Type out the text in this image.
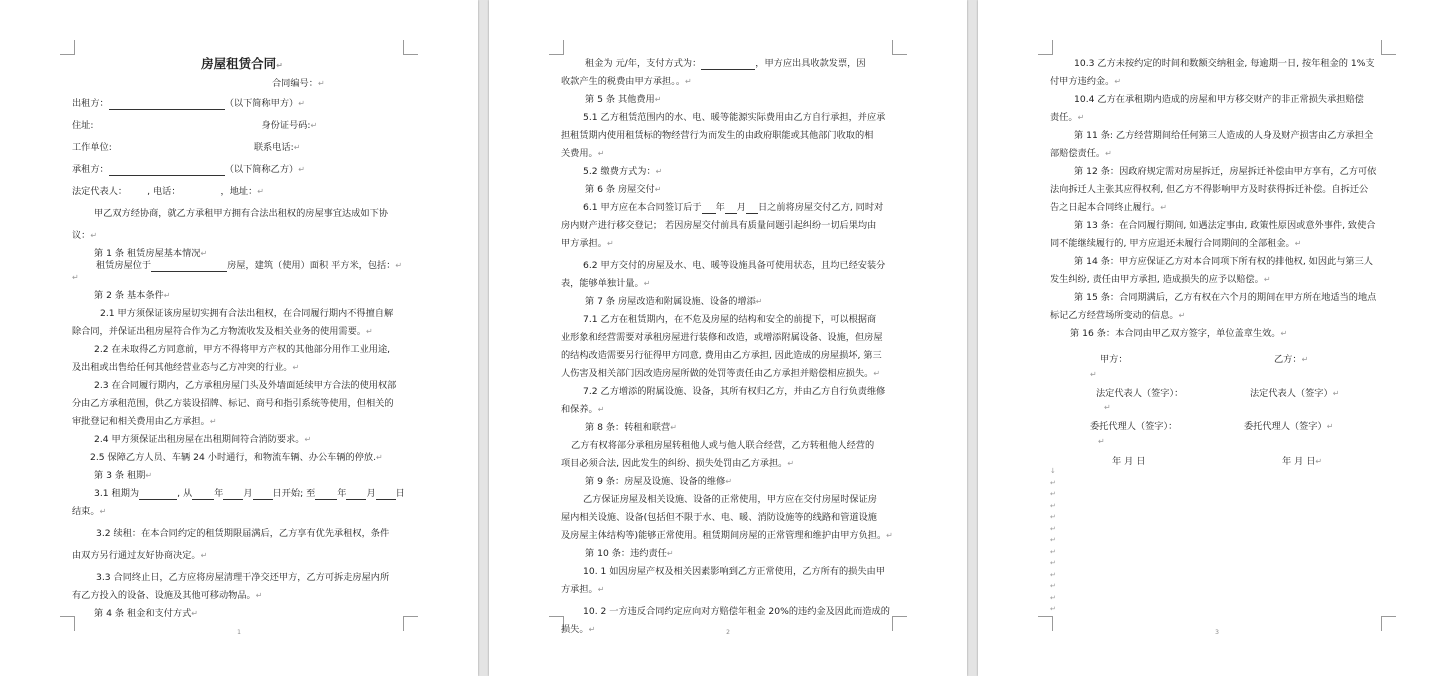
房屋租赁合同↵
合同编号：↵
出租方：	（以下简称甲方）↵
住址:	身份证号码:↵
工作单位:	联系电话:↵
承租方：	（以下简称乙方）↵
法定代表人： , 电话：	，地址：↵
甲乙双方经协商，就乙方承租甲方拥有合法出租权的房屋事宜达成如下协
议：↵
第 1 条 租赁房屋基本情况↵
租赁房屋位于	房屋，建筑（使用）面积 平方米，包括：↵
↵
第 2 条 基本条件↵
2.1 甲方须保证该房屋切实拥有合法出租权，在合同履行期内不得擅自解
除合同，并保证出租房屋符合作为乙方物流收发及相关业务的使用需要。↵
2.2 在未取得乙方同意前，甲方不得将甲方产权的其他部分用作工业用途,
及出租或出售给任何其他经营业态与乙方冲突的行业。↵
2.3 在合同履行期内，乙方承租房屋门头及外墙面延续甲方合法的使用权部
分由乙方承租范围，供乙方装设招牌、标记、商号和指引系统等使用，但相关的
审批登记和相关费用由乙方承担。↵
2.4 甲方须保证出租房屋在出租期间符合消防要求。↵
2.5 保障乙方人员、车辆 24 小时通行，和物流车辆、办公车辆的停放.↵
第 3 条 租期↵
3.1 租期为	, 从 年 月 日开始; 至 年 月 日
结束。↵
3.2 续租：在本合同约定的租赁期限届满后，乙方享有优先承租权，条件
由双方另行通过友好协商决定。↵
3.3 合同终止日，乙方应将房屋清理干净交还甲方，乙方可拆走房屋内所
有乙方投入的设备、设施及其他可移动物品。↵
第 4 条 租金和支付方式↵
1
租金为 元/年，支付方式为：	，甲方应出具收款发票，因
收款产生的税费由甲方承担。。↵
第 5 条 其他费用↵
5.1 乙方租赁范围内的水、电、暖等能源实际费用由乙方自行承担，并应承
担租赁期内使用租赁标的物经营行为而发生的由政府职能或其他部门收取的相
关费用。↵
5.2 缴费方式为：↵
第 6 条 房屋交付↵
6.1 甲方应在本合同签订后于 年 月 日之前将房屋交付乙方, 同时对
房内财产进行移交登记； 若因房屋交付前具有质量问题引起纠纷一切后果均由
甲方承担。↵
6.2 甲方交付的房屋及水、电、暖等设施具备可使用状态，且均已经安装分
表，能够单独计量。↵
第 7 条 房屋改造和附属设施、设备的增添↵
7.1 乙方在租赁期内，在不危及房屋的结构和安全的前提下，可以根据商
业形象和经营需要对承租房屋进行装修和改造，或增添附属设备、设施，但房屋
的结构改造需要另行征得甲方同意, 费用由乙方承担, 因此造成的房屋损坏, 第三
人伤害及相关部门因改造房屋所做的处罚等责任由乙方承担并赔偿相应损失。↵
7.2 乙方增添的附属设施、设备，其所有权归乙方，并由乙方自行负责维修
和保养。↵
第 8 条：转租和联营↵
乙方有权将部分承租房屋转租他人或与他人联合经营，乙方转租他人经营的
项目必须合法, 因此发生的纠纷、损失处罚由乙方承担。↵
第 9 条：房屋及设施、设备的维修↵
乙方保证房屋及相关设施、设备的正常使用，甲方应在交付房屋时保证房
屋内相关设施、设备(包括但不限于水、电、暖、消防设施等的线路和管道设施
及房屋主体结构等)能够正常使用。租赁期间房屋的正常管理和维护由甲方负担。↵
第 10 条：违约责任↵
10. 1 如因房屋产权及相关因素影响到乙方正常使用，乙方所有的损失由甲
方承担。↵
10. 2 一方违反合同约定应向对方赔偿年租金 20%的违约金及因此而造成的
损失。↵	2
10.3 乙方未按约定的时间和数额交纳租金, 每逾期一日, 按年租金的 1%支
付甲方违约金。↵
10.4 乙方在承租期内造成的房屋和甲方移交财产的非正常损失承担赔偿
责任。↵
第 11 条: 乙方经营期间给任何第三人造成的人身及财产损害由乙方承担全
部赔偿责任。↵
第 12 条：因政府规定需对房屋拆迁，房屋拆迁补偿由甲方享有，乙方可依
法向拆迁人主张其应得权利, 但乙方不得影响甲方及时获得拆迁补偿。自拆迁公
告之日起本合同终止履行。↵
第 13 条：在合同履行期间, 如遇法定事由, 政策性原因或意外事件, 致使合
同不能继续履行的, 甲方应退还未履行合同期间的全部租金。↵
第 14 条：甲方应保证乙方对本合同项下所有权的排他权, 如因此与第三人
发生纠纷, 责任由甲方承担, 造成损失的应予以赔偿。↵
第 15 条：合同期满后，乙方有权在六个月的期间在甲方所在地适当的地点
标记乙方经营场所变动的信息。↵
第 16 条：本合同由甲乙双方签字，单位盖章生效。↵
甲方：	乙方：↵
↵
法定代表人（签字）：	法定代表人（签字）↵
↵
委托代理人（签字）：	委托代理人（签字）↵
↵
年 月 日	年 月 日↵
↓
↵
↵
↵
↵
↵
↵
↵
↵
↵
↵
↵
↵
3
